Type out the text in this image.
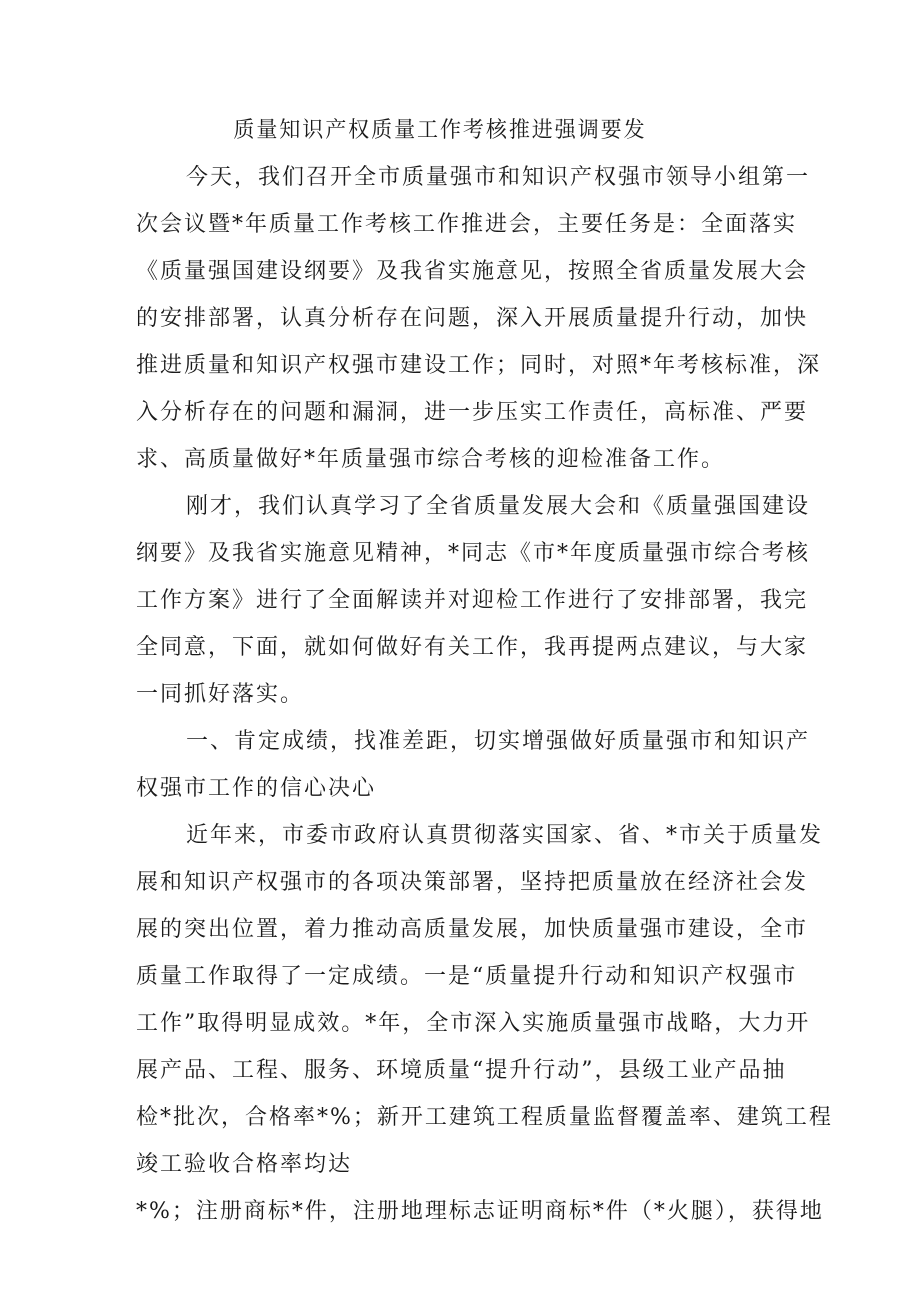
质量知识产权质量工作考核推进强调要发
今天，我们召开全市质量强市和知识产权强市领导小组第一
次会议暨*年质量工作考核工作推进会，主要任务是：全面落实
《质量强国建设纲要》及我省实施意见，按照全省质量发展大会
的安排部署，认真分析存在问题，深入开展质量提升行动，加快
推进质量和知识产权强市建设工作；同时，对照*年考核标准，深
入分析存在的问题和漏洞，进一步压实工作责任，高标准、严要
求、高质量做好*年质量强市综合考核的迎检准备工作。
刚才，我们认真学习了全省质量发展大会和《质量强国建设
纲要》及我省实施意见精神，*同志《市*年度质量强市综合考核
工作方案》进行了全面解读并对迎检工作进行了安排部署，我完
全同意，下面，就如何做好有关工作，我再提两点建议，与大家
一同抓好落实。
一、肯定成绩，找准差距，切实增强做好质量强市和知识产
权强市工作的信心决心
近年来，市委市政府认真贯彻落实国家、省、*市关于质量发
展和知识产权强市的各项决策部署，坚持把质量放在经济社会发
展的突出位置，着力推动高质量发展，加快质量强市建设，全市
质量工作取得了一定成绩。一是“质量提升行动和知识产权强市
工作”取得明显成效。*年，全市深入实施质量强市战略，大力开
展产品、工程、服务、环境质量“提升行动”，县级工业产品抽
检*批次，合格率*%；新开工建筑工程质量监督覆盖率、建筑工程
竣工验收合格率均达
*%；注册商标*件，注册地理标志证明商标*件（*火腿），获得地
